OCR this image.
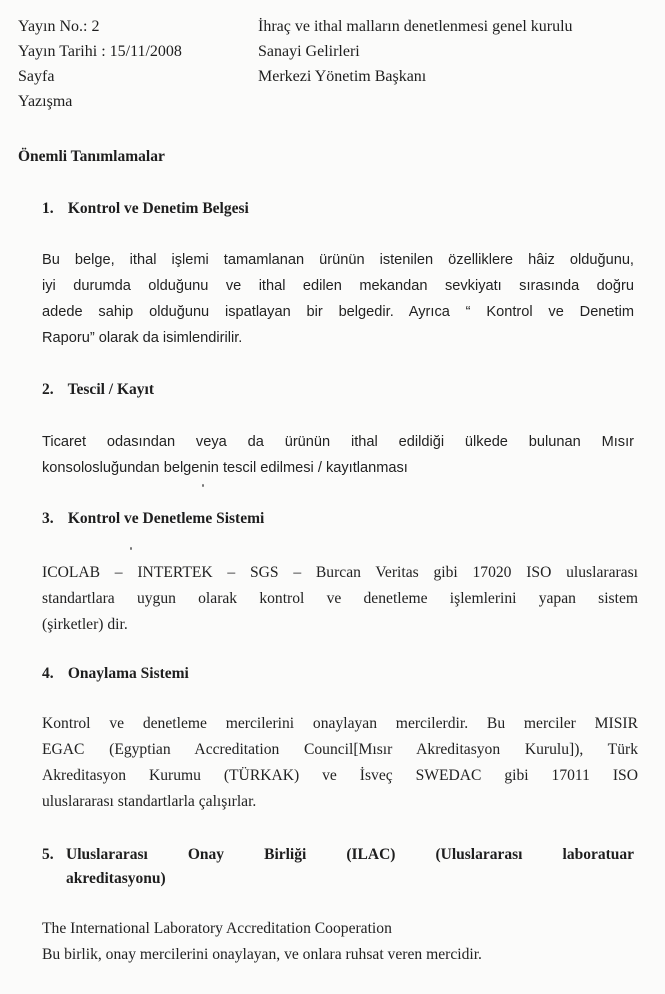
Yayın No.: 2
Yayın Tarihi : 15/11/2008
Sayfa
Yazışma
İhraç ve ithal malların denetlenmesi genel kurulu
Sanayi Gelirleri
Merkezi Yönetim Başkanı
Önemli Tanımlamalar
1. Kontrol ve Denetim Belgesi
Bu belge, ithal işlemi tamamlanan ürünün istenilen özelliklere hâiz olduğunu,
iyi durumda olduğunu ve ithal edilen mekandan sevkiyatı sırasında doğru
adede sahip olduğunu ispatlayan bir belgedir. Ayrıca “ Kontrol ve Denetim
Raporu” olarak da isimlendirilir.
2. Tescil / Kayıt
Ticaret odasından veya da ürünün ithal edildiği ülkede bulunan Mısır
konsolosluğundan belgenin tescil edilmesi / kayıtlanması
3. Kontrol ve Denetleme Sistemi
ICOLAB – INTERTEK – SGS – Burcan Veritas gibi 17020 ISO uluslararası
standartlara uygun olarak kontrol ve denetleme işlemlerini yapan sistem
(şirketler) dir.
4. Onaylama Sistemi
Kontrol ve denetleme mercilerini onaylayan mercilerdir. Bu merciler MISIR
EGAC (Egyptian Accreditation Council[Mısır Akreditasyon Kurulu]), Türk
Akreditasyon Kurumu (TÜRKAK) ve İsveç SWEDAC gibi 17011 ISO
uluslararası standartlarla çalışırlar.
5. Uluslararası Onay Birliği (ILAC) (Uluslararası laboratuar
akreditasyonu)
The International Laboratory Accreditation Cooperation
Bu birlik, onay mercilerini onaylayan, ve onlara ruhsat veren mercidir.
